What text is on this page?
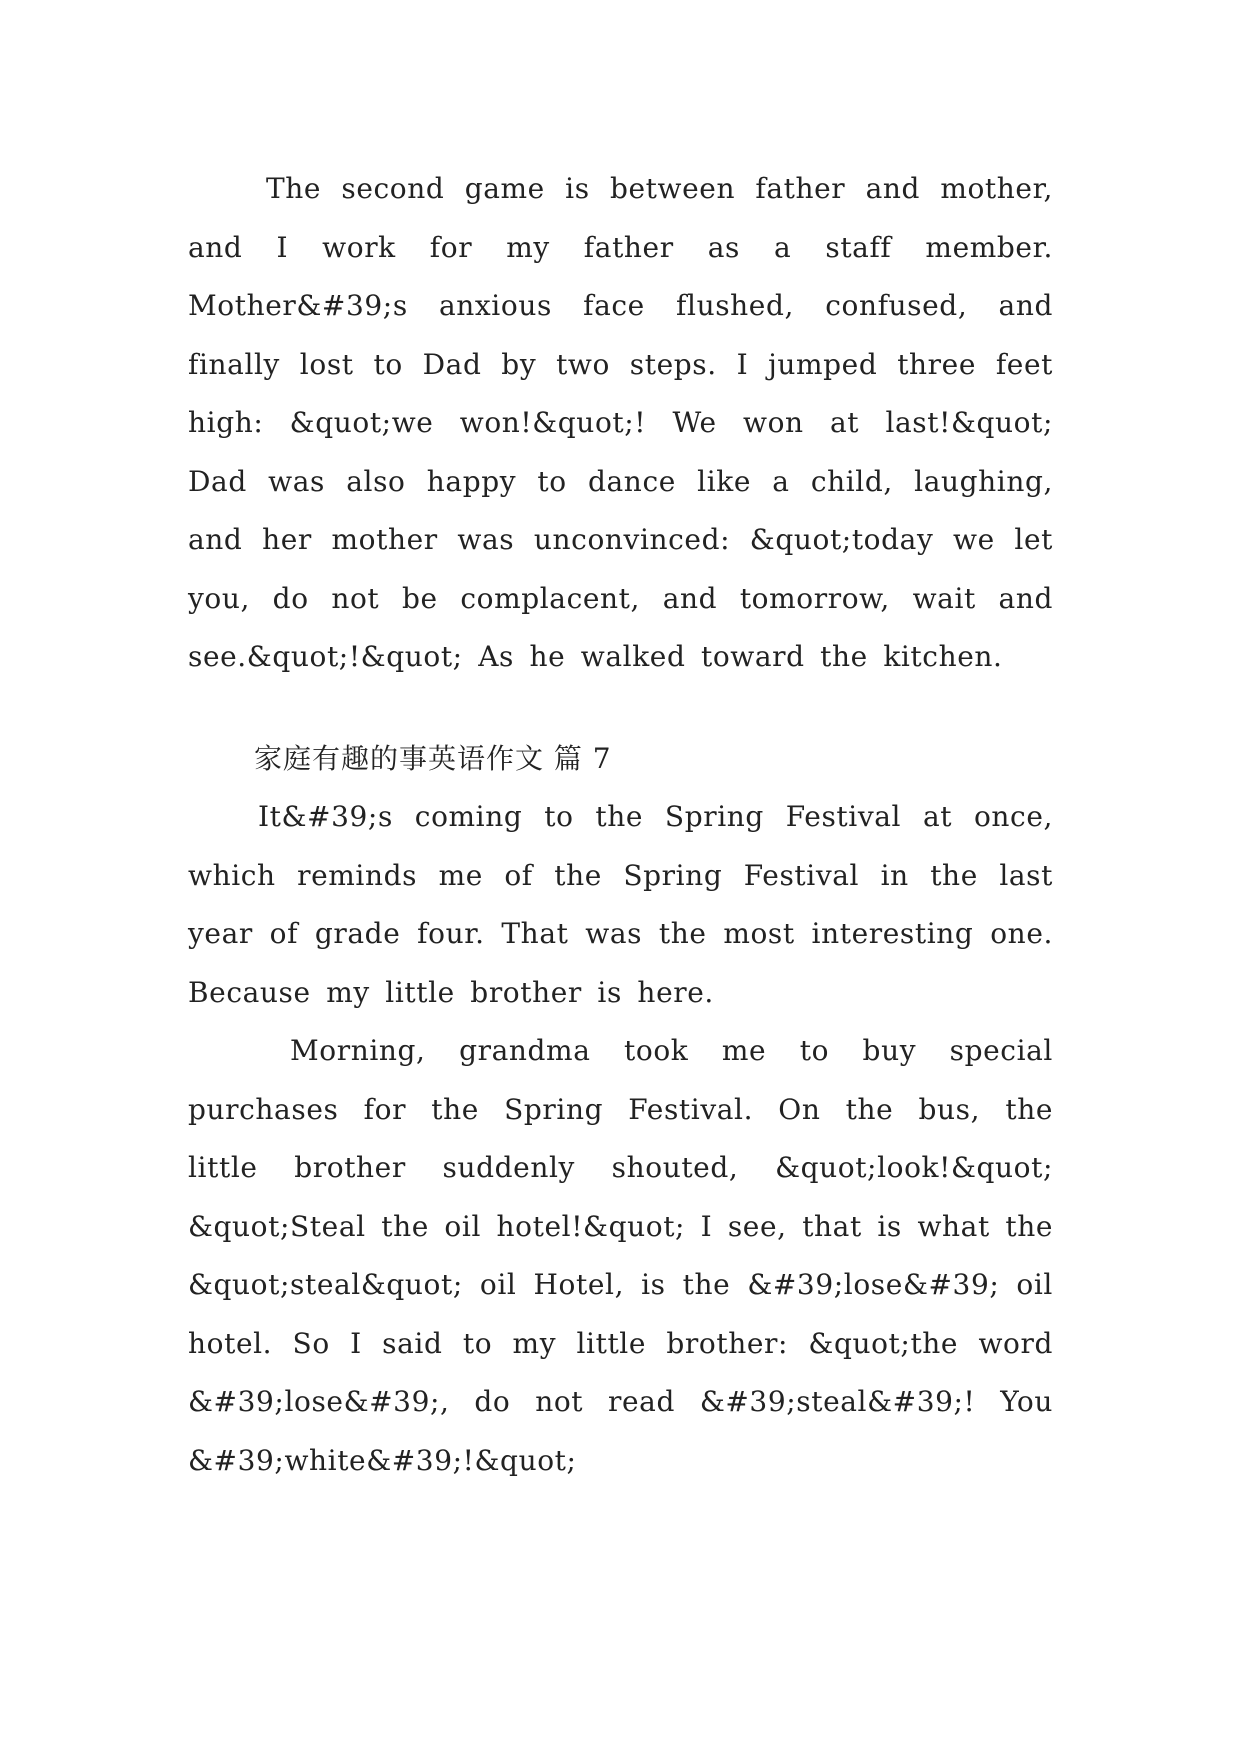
The second game is between father and mother, and I work for my father as a staff member. Mother&#39;s anxious face flushed, confused, and finally lost to Dad by two steps. I jumped three feet high: &quot;we won!&quot;! We won at last!&quot; Dad was also happy to dance like a child, laughing, and her mother was unconvinced: &quot;today we let you, do not be complacent, and tomorrow, wait and see.&quot;!&quot; As he walked toward the kitchen.

家庭有趣的事英语作文 篇 7

It&#39;s coming to the Spring Festival at once, which reminds me of the Spring Festival in the last year of grade four. That was the most interesting one. Because my little brother is here.

Morning, grandma took me to buy special purchases for the Spring Festival. On the bus, the little brother suddenly shouted, &quot;look!&quot; &quot;Steal the oil hotel!&quot; I see, that is what the &quot;steal&quot; oil Hotel, is the &#39;lose&#39; oil hotel. So I said to my little brother: &quot;the word &#39;lose&#39;, do not read &#39;steal&#39;! You &#39;white&#39;!&quot;
